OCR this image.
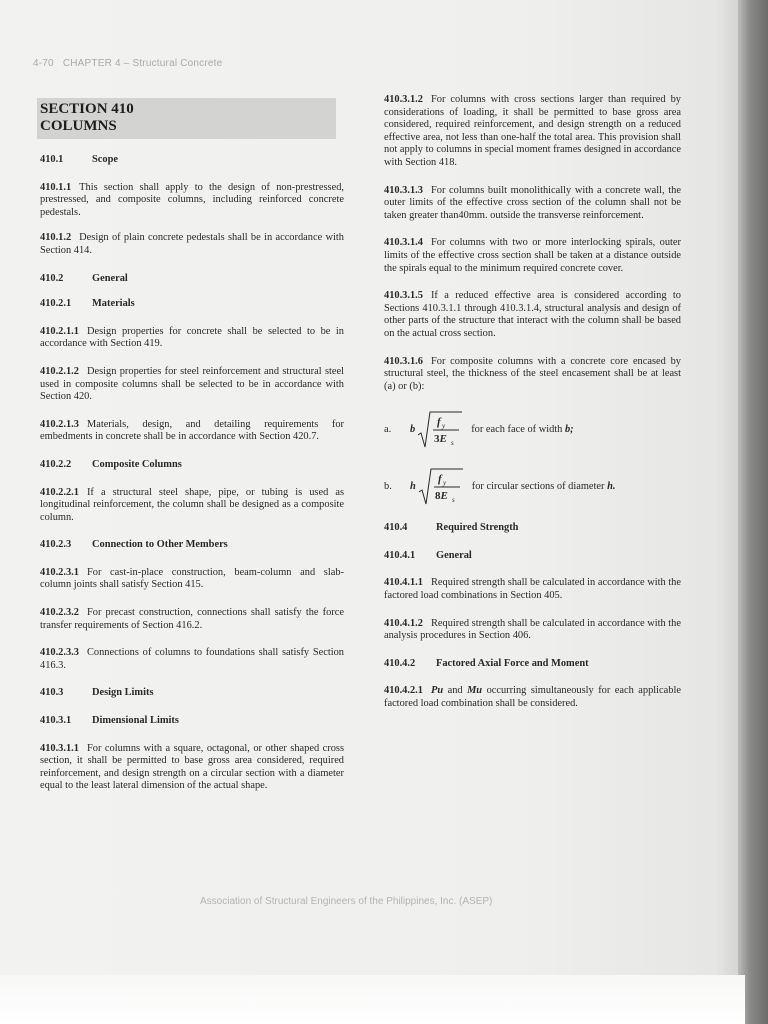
4-70 CHAPTER 4 – Structural Concrete
SECTION 410
COLUMNS
410.1	Scope

410.1.1 This section shall apply to the design of non-prestressed, prestressed, and composite columns, including reinforced concrete pedestals.

410.1.2 Design of plain concrete pedestals shall be in accordance with Section 414.

410.2	General
410.2.1 Materials

410.2.1.1 Design properties for concrete shall be selected to be in accordance with Section 419.

410.2.1.2 Design properties for steel reinforcement and structural steel used in composite columns shall be selected to be in accordance with Section 420.

410.2.1.3 Materials, design, and detailing requirements for embedments in concrete shall be in accordance with Section 420.7.

410.2.2 Composite Columns

410.2.2.1 If a structural steel shape, pipe, or tubing is used as longitudinal reinforcement, the column shall be designed as a composite column.

410.2.3 Connection to Other Members

410.2.3.1 For cast-in-place construction, beam-column and slab-column joints shall satisfy Section 415.

410.2.3.2 For precast construction, connections shall satisfy the force transfer requirements of Section 416.2.

410.2.3.3 Connections of columns to foundations shall satisfy Section 416.3.

410.3	Design Limits
410.3.1 Dimensional Limits

410.3.1.1 For columns with a square, octagonal, or other shaped cross section, it shall be permitted to base gross area considered, required reinforcement, and design strength on a circular section with a diameter equal to the least lateral dimension of the actual shape.

410.3.1.2 For columns with cross sections larger than required by considerations of loading, it shall be permitted to base gross area considered, required reinforcement, and design strength on a reduced effective area, not less than one-half the total area. This provision shall not apply to columns in special moment frames designed in accordance with Section 418.

410.3.1.3 For columns built monolithically with a concrete wall, the outer limits of the effective cross section of the column shall not be taken greater than40mm. outside the transverse reinforcement.

410.3.1.4 For columns with two or more interlocking spirals, outer limits of the effective cross section shall be taken at a distance outside the spirals equal to the minimum required concrete cover.

410.3.1.5 If a reduced effective area is considered according to Sections 410.3.1.1 through 410.3.1.4, structural analysis and design of other parts of the structure that interact with the column shall be based on the actual cross section.

410.3.1.6 For composite columns with a concrete core encased by structural steel, the thickness of the steel encasement shall be at least (a) or (b):

a.	b
f y
3E s
for each face of width b;
b.	h
f y
8E s
for circular sections of diameter h.
410.4	Required Strength
410.4.1 General

410.4.1.1 Required strength shall be calculated in accordance with the factored load combinations in Section 405.

410.4.1.2 Required strength shall be calculated in accordance with the analysis procedures in Section 406.

410.4.2 Factored Axial Force and Moment

410.4.2.1 Pu and Mu occurring simultaneously for each applicable factored load combination shall be considered.

Association of Structural Engineers of the Philippines, Inc. (ASEP)
